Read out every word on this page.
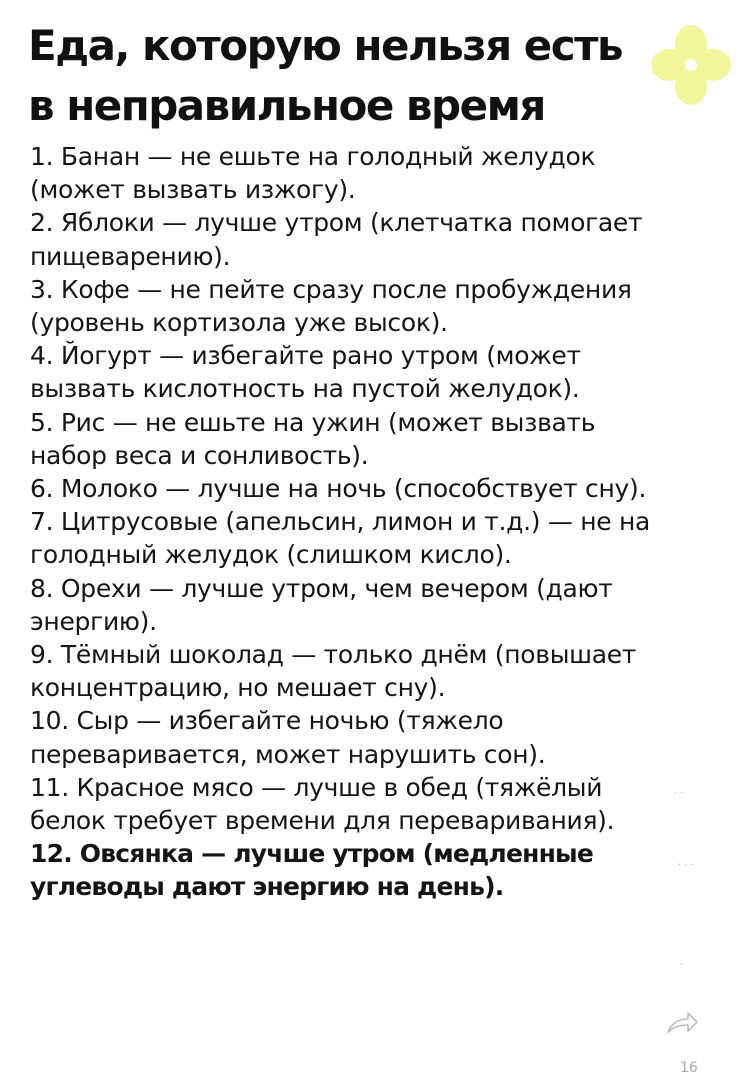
Еда, которую нельзя есть в неправильное время
1. Банан — не ешьте на голодный желудок (может вызвать изжогу).
2. Яблоки — лучше утром (клетчатка помогает пищеварению).
3. Кофе — не пейте сразу после пробуждения (уровень кортизола уже высок).
4. Йогурт — избегайте рано утром (может вызвать кислотность на пустой желудок).
5. Рис — не ешьте на ужин (может вызвать набор веса и сонливость).
6. Молоко — лучше на ночь (способствует сну).
7. Цитрусовые (апельсин, лимон и т.д.) — не на голодный желудок (слишком кисло).
8. Орехи — лучше утром, чем вечером (дают энергию).
9. Тёмный шоколад — только днём (повышает концентрацию, но мешает сну).
10. Сыр — избегайте ночью (тяжело переваривается, может нарушить сон).
11. Красное мясо — лучше в обед (тяжёлый белок требует времени для переваривания).
12. Овсянка — лучше утром (медленные углеводы дают энергию на день).
· ·
· · ·
·
16
